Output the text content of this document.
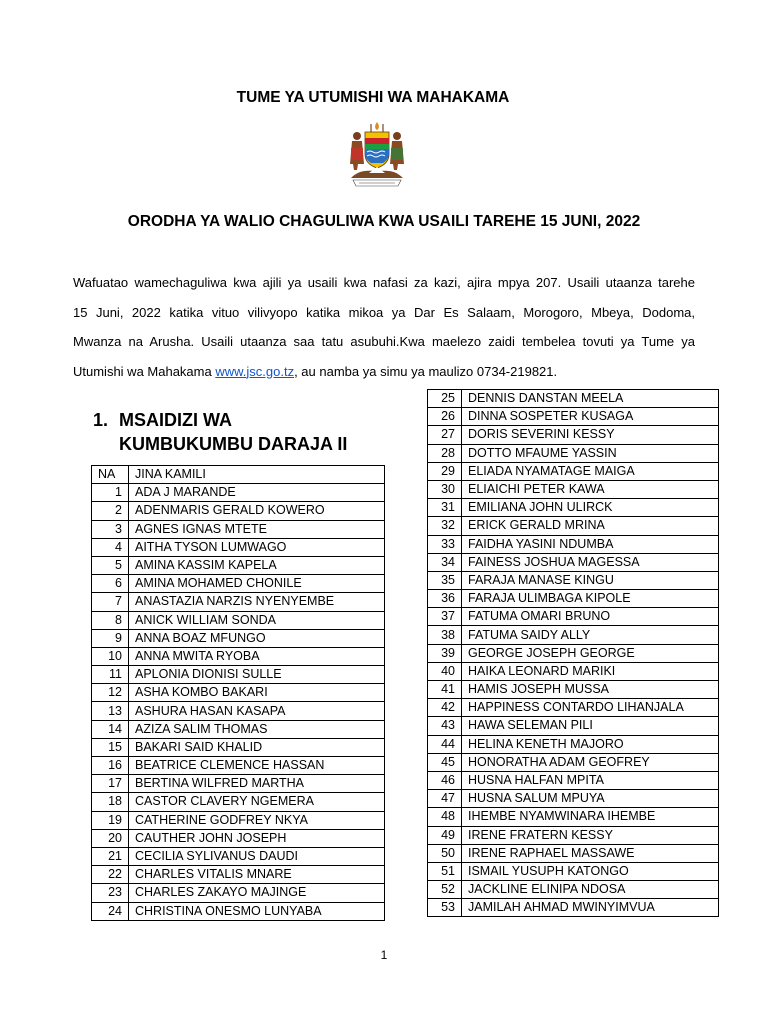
TUME YA UTUMISHI WA MAHAKAMA
ORODHA YA WALIO CHAGULIWA KWA USAILI TAREHE 15 JUNI, 2022
Wafuatao wamechaguliwa kwa ajili ya usaili kwa nafasi za kazi, ajira mpya 207. Usaili utaanza tarehe
15 Juni, 2022 katika vituo vilivyopo katika mikoa ya Dar Es Salaam, Morogoro, Mbeya, Dodoma,
Mwanza na Arusha. Usaili utaanza saa tatu asubuhi.Kwa maelezo zaidi tembelea tovuti ya Tume ya
Utumishi wa Mahakama www.jsc.go.tz, au namba ya simu ya maulizo 0734-219821.
1. MSAIDIZI WA
KUMBUKUMBU DARAJA II
NA	JINA KAMILI
1	ADA J MARANDE
2	ADENMARIS GERALD KOWERO
3	AGNES IGNAS MTETE
4	AITHA TYSON LUMWAGO
5	AMINA KASSIM KAPELA
6	AMINA MOHAMED CHONILE
7	ANASTAZIA NARZIS NYENYEMBE
8	ANICK WILLIAM SONDA
9	ANNA BOAZ MFUNGO
10	ANNA MWITA RYOBA
11	APLONIA DIONISI SULLE
12	ASHA KOMBO BAKARI
13	ASHURA HASAN KASAPA
14	AZIZA SALIM THOMAS
15	BAKARI SAID KHALID
16	BEATRICE CLEMENCE HASSAN
17	BERTINA WILFRED MARTHA
18	CASTOR CLAVERY NGEMERA
19	CATHERINE GODFREY NKYA
20	CAUTHER JOHN JOSEPH
21	CECILIA SYLIVANUS DAUDI
22	CHARLES VITALIS MNARE
23	CHARLES ZAKAYO MAJINGE
24	CHRISTINA ONESMO LUNYABA
25	DENNIS DANSTAN MEELA
26	DINNA SOSPETER KUSAGA
27	DORIS SEVERINI KESSY
28	DOTTO MFAUME YASSIN
29	ELIADA NYAMATAGE MAIGA
30	ELIAICHI PETER KAWA
31	EMILIANA JOHN ULIRCK
32	ERICK GERALD MRINA
33	FAIDHA YASINI NDUMBA
34	FAINESS JOSHUA MAGESSA
35	FARAJA MANASE KINGU
36	FARAJA ULIMBAGA KIPOLE
37	FATUMA OMARI BRUNO
38	FATUMA SAIDY ALLY
39	GEORGE JOSEPH GEORGE
40	HAIKA LEONARD MARIKI
41	HAMIS JOSEPH MUSSA
42	HAPPINESS CONTARDO LIHANJALA
43	HAWA SELEMAN PILI
44	HELINA KENETH MAJORO
45	HONORATHA ADAM GEOFREY
46	HUSNA HALFAN MPITA
47	HUSNA SALUM MPUYA
48	IHEMBE NYAMWINARA IHEMBE
49	IRENE FRATERN KESSY
50	IRENE RAPHAEL MASSAWE
51	ISMAIL YUSUPH KATONGO
52	JACKLINE ELINIPA NDOSA
53	JAMILAH AHMAD MWINYIMVUA
1
